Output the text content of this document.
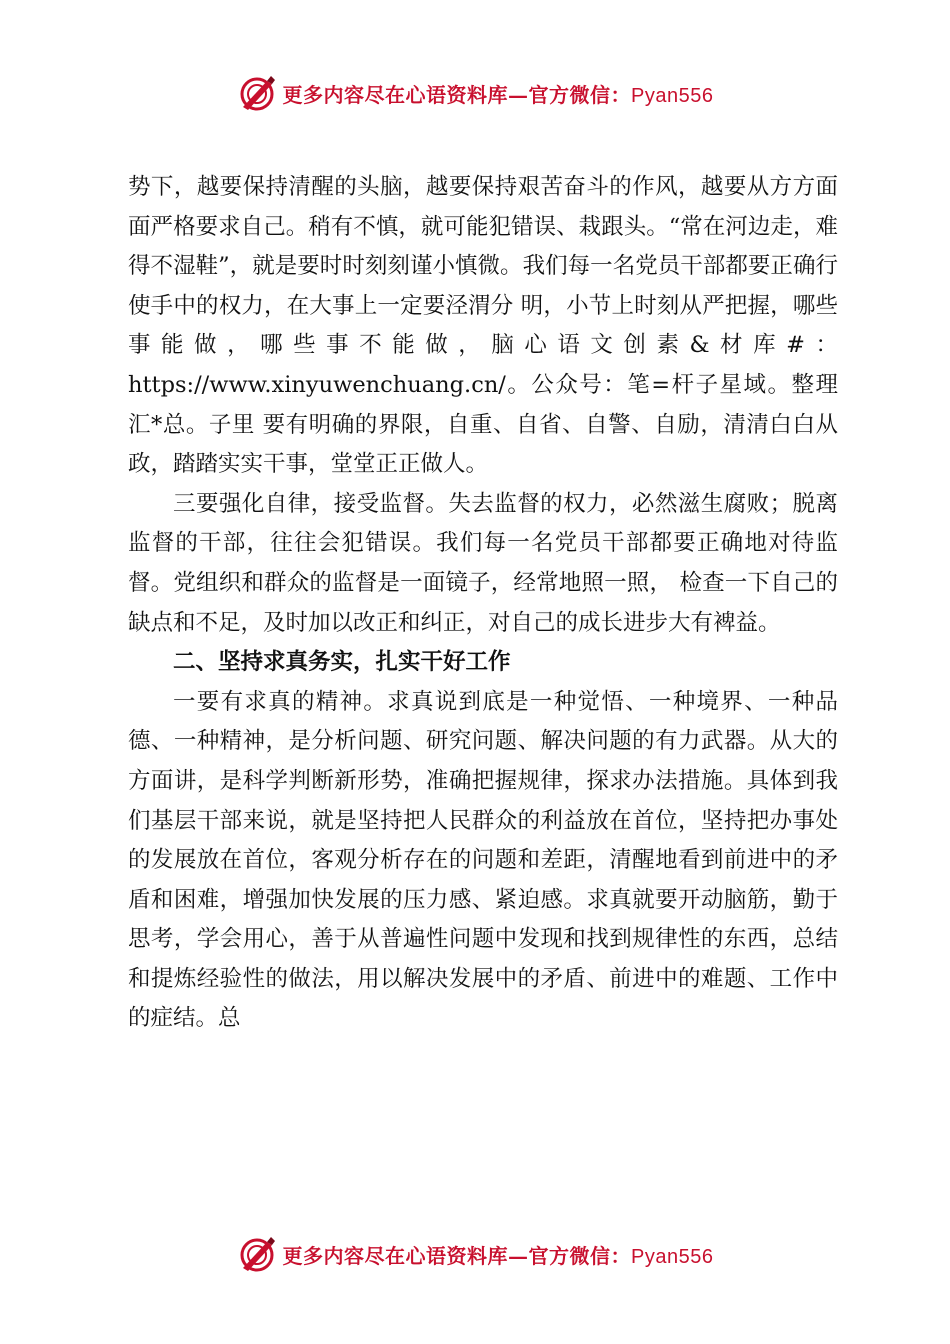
更多内容尽在心语资料库—官方微信：Pyan556

势下，越要保持清醒的头脑，越要保持艰苦奋斗的作风，越要从方方面面严格要求自己。稍有不慎，就可能犯错误、栽跟头。“常在河边走，难得不湿鞋”，就是要时时刻刻谨小慎微。我们每一名党员干部都要正确行使手中的权力，在大事上一定要泾渭分 明，小节上时刻从严把握，哪些事能做，哪些事不能做，脑心语文创素&材库#：https://www.xinyuwenchuang.cn/。公众号：笔=杆子星域。整理汇*总。子里 要有明确的界限，自重、自省、自警、自励，清清白白从政，踏踏实实干事，堂堂正正做人。

三要强化自律，接受监督。失去监督的权力，必然滋生腐败；脱离监督的干部，往往会犯错误。我们每一名党员干部都要正确地对待监督。党组织和群众的监督是一面镜子，经常地照一照， 检查一下自己的缺点和不足，及时加以改正和纠正，对自己的成长进步大有裨益。

二、坚持求真务实，扎实干好工作

一要有求真的精神。求真说到底是一种觉悟、一种境界、一种品德、一种精神，是分析问题、研究问题、解决问题的有力武器。从大的方面讲，是科学判断新形势，准确把握规律，探求办法措施。具体到我们基层干部来说，就是坚持把人民群众的利益放在首位，坚持把办事处的发展放在首位，客观分析存在的问题和差距，清醒地看到前进中的矛盾和困难，增强加快发展的压力感、紧迫感。求真就要开动脑筋，勤于思考，学会用心，善于从普遍性问题中发现和找到规律性的东西，总结和提炼经验性的做法，用以解决发展中的矛盾、前进中的难题、工作中的症结。总

更多内容尽在心语资料库—官方微信：Pyan556
